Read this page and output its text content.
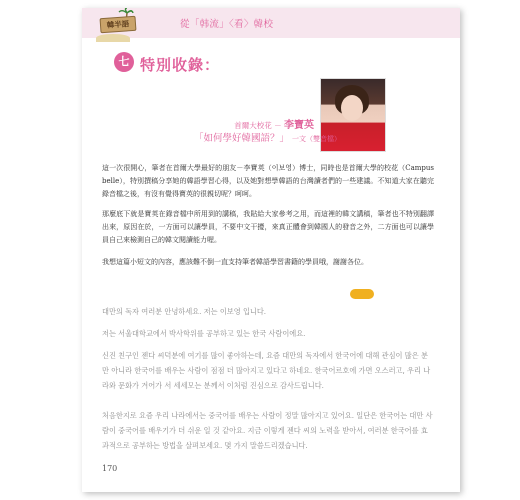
韓半語	從「韩流」〈看〉韓校
七 特別收錄：
首爾大校花 － 李寶英
「如何學好韓國語？」 一文（雙音檔）
這一次很開心，筆者在首爾大學最好的朋友－李寶英（이보영）博士，同時也是首爾大學的校花（Campus belle），特別撰稿分享她的韓語學習心得，以及她對想學韓語的台灣讀者們的一些建議。不知道大家在聽完錄音檔之後，有沒有覺得寶英的很親切呢？呵呵。
那麼底下就是寶英在錄音檔中所用到的講稿，我貼給大家參考之用，而這裡的韓文講稿，筆者也不特別翻譯出來，原因在於，一方面可以讓學員，不要中文干擾，來真正體會到韓國人的發音之外，二方面也可以讓學員自己來檢測自己的韓文閱讀能力喔。
我想這篇小短文的內容，應該難不倒一直支持筆者韓語學習書籍的學員哦，謝謝各位。
대만의 독자 여러분 안녕하세요. 저는 이보영 입니다.
저는 서울대학교에서 박사학위를 공부하고 있는 한국 사람이에요.
신진 친구인 젠다 씨덕분에 여기를 많이 좋아하는데, 요즘 대만의 독자에서 한국어에 대해 관심이 많은 분만 아니라 한국어를 배우는 사람이 점점 더 많아지고 있다고 하네요. 한국어르호에 가면 오스러고, 우리 나라와 문화가 겨어가 서 세세모는 분께서 이처럼 진심으로 감사드립니다.
처음한지로 요즘 우리 나라에서는 중국어를 배우는 사람이 정말 많아지고 있어요. 일단은 한국어는 대만 사람이 중국어를 배우기가 더 쉬운 일 것 같아요. 지금 이렇게 젠다 씨의 노력을 받아서, 여러분 한국어를 효과적으로 공부하는 방법을 살펴보세요. 몇 가지 말씀드리겠습니다.
170
